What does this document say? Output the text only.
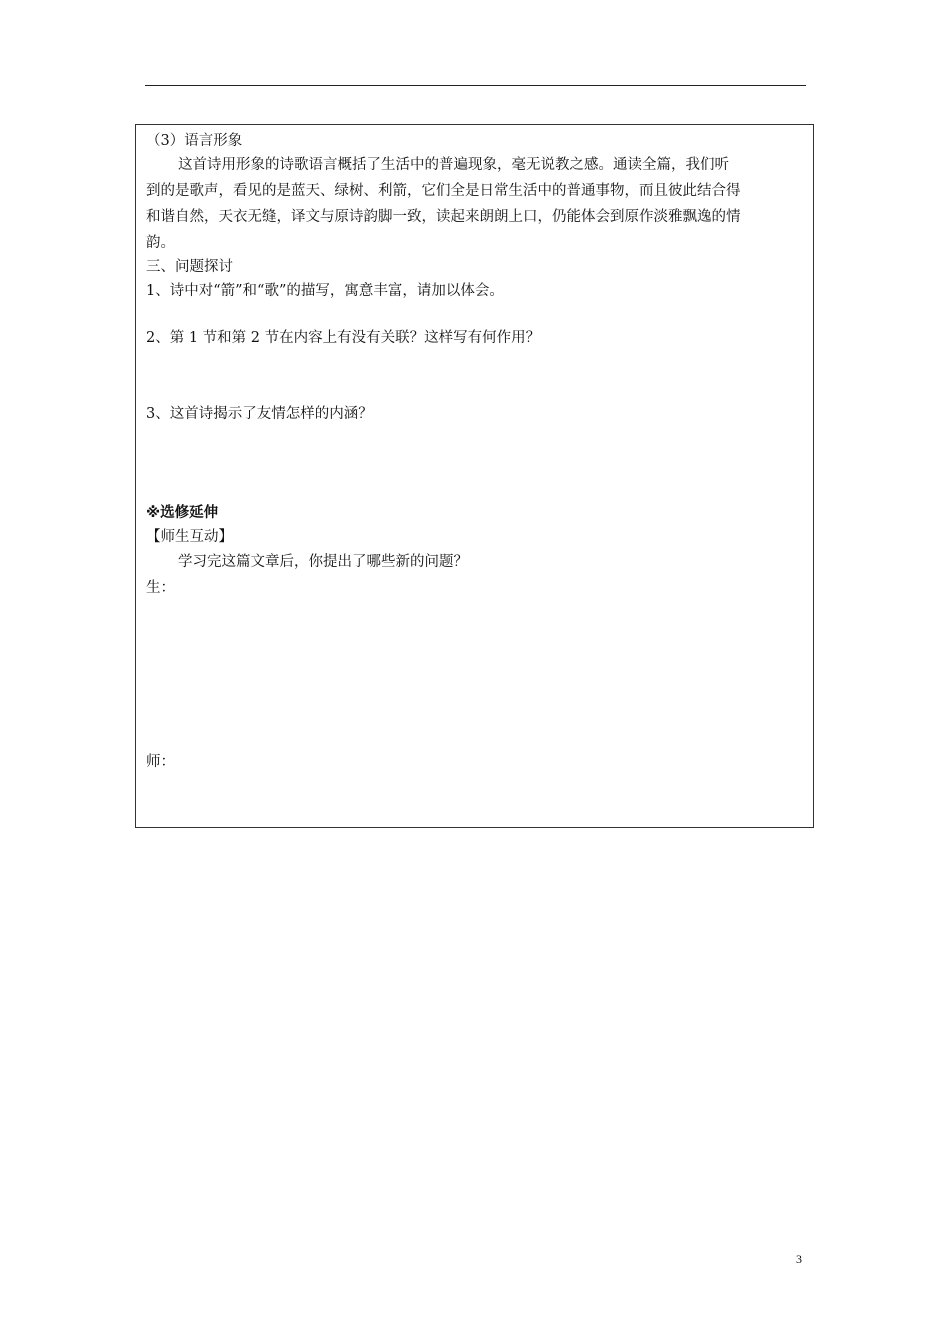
（3）语言形象
这首诗用形象的诗歌语言概括了生活中的普遍现象，毫无说教之感。通读全篇，我们听
到的是歌声，看见的是蓝天、绿树、利箭，它们全是日常生活中的普通事物，而且彼此结合得
和谐自然，天衣无缝，译文与原诗韵脚一致，读起来朗朗上口，仍能体会到原作淡雅飘逸的情
韵。
三、问题探讨
1、诗中对“箭”和“歌”的描写，寓意丰富，请加以体会。
2、第 1 节和第 2 节在内容上有没有关联？这样写有何作用？
3、这首诗揭示了友情怎样的内涵？
※选修延伸
【师生互动】
学习完这篇文章后，你提出了哪些新的问题？
生：
师：
3
